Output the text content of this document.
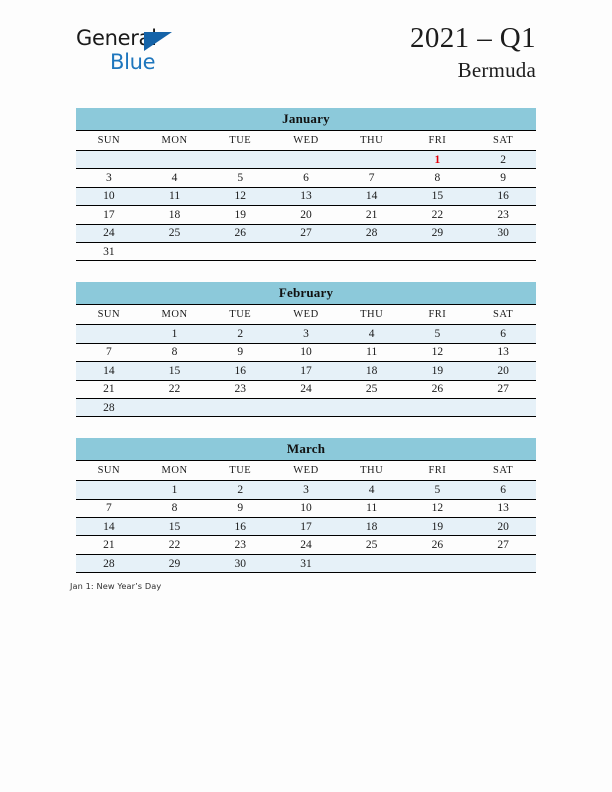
General
Blue
2021 – Q1
Bermuda
January						
SUN	MON	TUE	WED	THU	FRI	SAT
					1	2
3	4	5	6	7	8	9
10	11	12	13	14	15	16
17	18	19	20	21	22	23
24	25	26	27	28	29	30
31						
February						
SUN	MON	TUE	WED	THU	FRI	SAT
	1	2	3	4	5	6
7	8	9	10	11	12	13
14	15	16	17	18	19	20
21	22	23	24	25	26	27
28						
March						
SUN	MON	TUE	WED	THU	FRI	SAT
	1	2	3	4	5	6
7	8	9	10	11	12	13
14	15	16	17	18	19	20
21	22	23	24	25	26	27
28	29	30	31			
Jan 1: New Year’s Day
